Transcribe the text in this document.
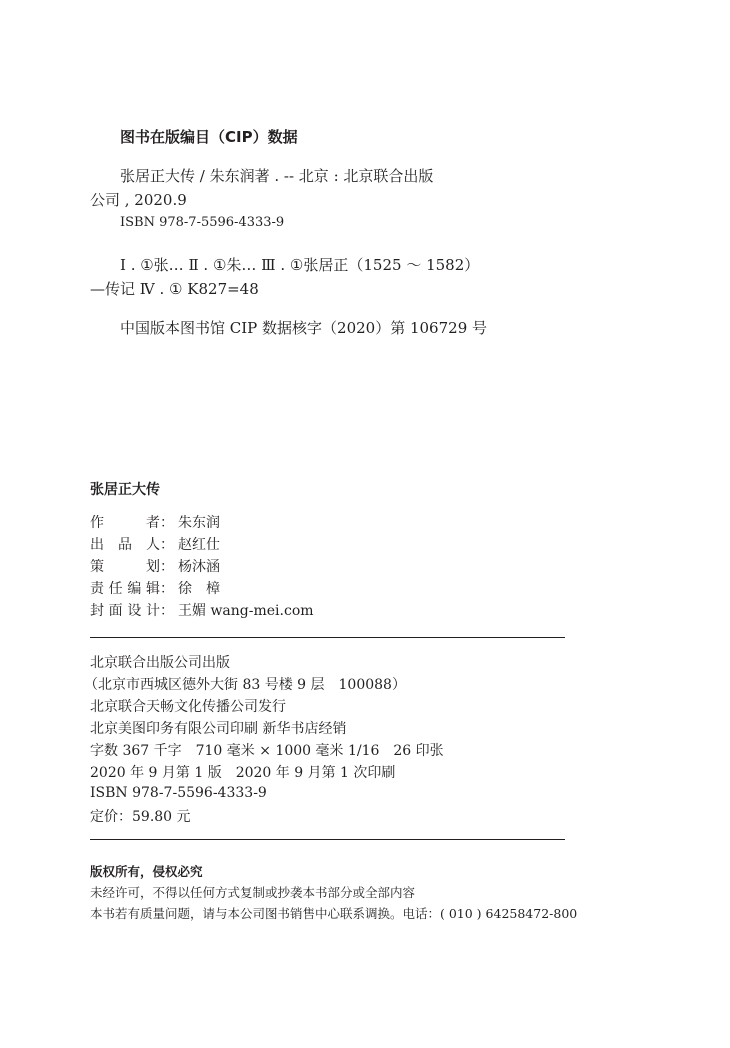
图书在版编目（CIP）数据
张居正大传 / 朱东润著 . -- 北京 : 北京联合出版
公司 , 2020.9
ISBN 978-7-5596-4333-9
Ⅰ . ①张… Ⅱ . ①朱… Ⅲ . ①张居正（1525 ～ 1582）
—传记 Ⅳ . ① K827=48
中国版本图书馆 CIP 数据核字（2020）第 106729 号
张居正大传
作者： 朱东润
出品人： 赵红仕
策划： 杨沐涵
责任编辑： 徐　樟
封面设计： 王媚 wang-mei.com
北京联合出版公司出版
（北京市西城区德外大街 83 号楼 9 层　100088）
北京联合天畅文化传播公司发行
北京美图印务有限公司印刷 新华书店经销
字数 367 千字　710 毫米 × 1000 毫米 1/16　26 印张
2020 年 9 月第 1 版　2020 年 9 月第 1 次印刷
ISBN 978-7-5596-4333-9
定价：59.80 元
版权所有，侵权必究
未经许可，不得以任何方式复制或抄袭本书部分或全部内容
本书若有质量问题，请与本公司图书销售中心联系调换。电话：( 010 ) 64258472-800
